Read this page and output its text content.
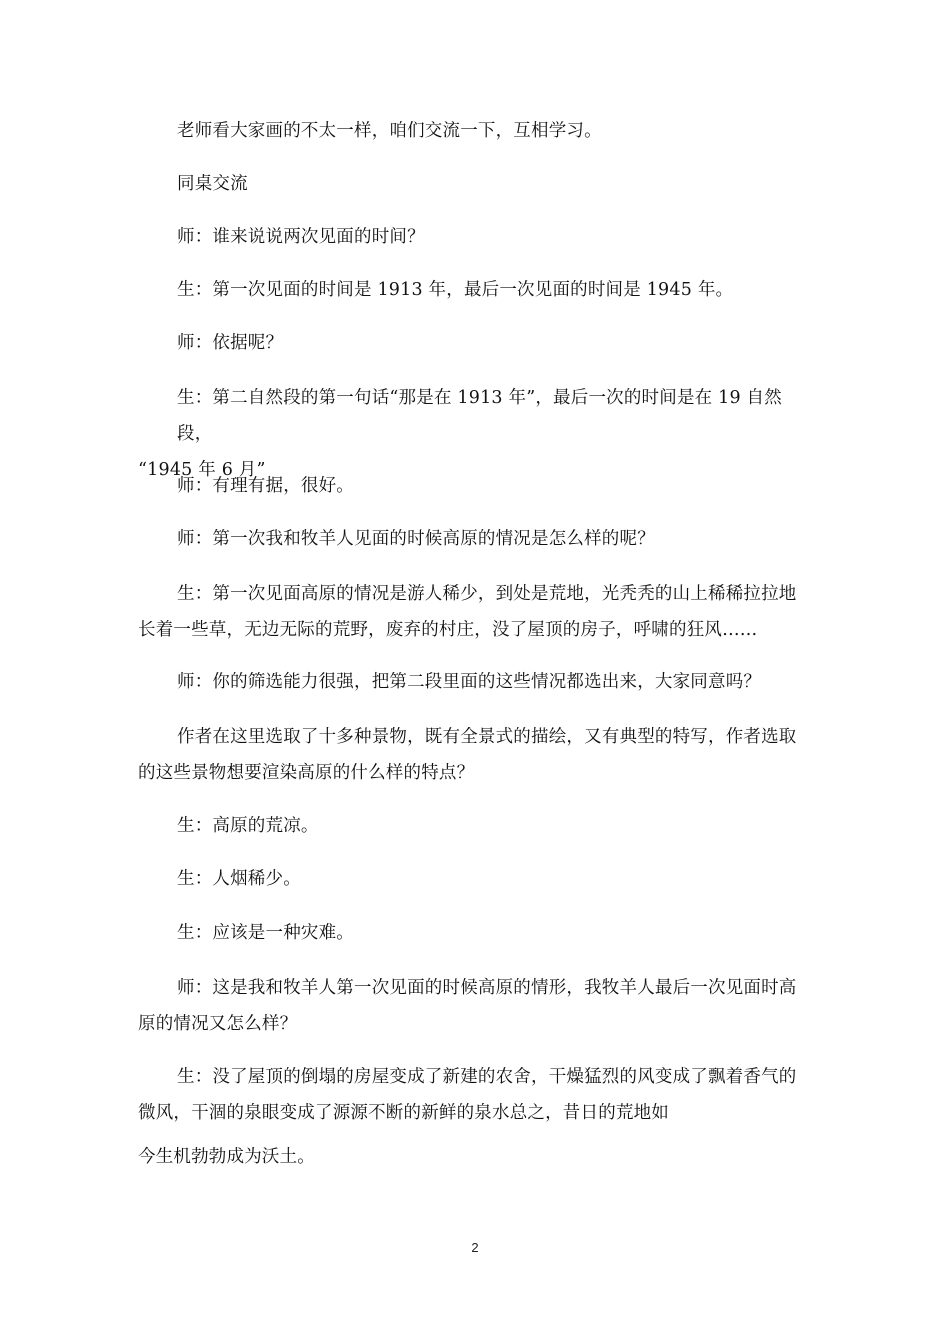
老师看大家画的不太一样，咱们交流一下，互相学习。

同桌交流

师：谁来说说两次见面的时间？

生：第一次见面的时间是 1913 年，最后一次见面的时间是 1945 年。

师：依据呢？

生：第二自然段的第一句话“那是在 1913 年”，最后一次的时间是在 19 自然段，
“1945 年 6 月”

师：有理有据，很好。

师：第一次我和牧羊人见面的时候高原的情况是怎么样的呢？

生：第一次见面高原的情况是游人稀少，到处是荒地，光秃秃的山上稀稀拉拉地
长着一些草，无边无际的荒野，废弃的村庄，没了屋顶的房子，呼啸的狂风……

师：你的筛选能力很强，把第二段里面的这些情况都选出来，大家同意吗？

作者在这里选取了十多种景物，既有全景式的描绘，又有典型的特写，作者选取
的这些景物想要渲染高原的什么样的特点？

生：高原的荒凉。

生：人烟稀少。

生：应该是一种灾难。

师：这是我和牧羊人第一次见面的时候高原的情形，我牧羊人最后一次见面时高
原的情况又怎么样？

生：没了屋顶的倒塌的房屋变成了新建的农舍，干燥猛烈的风变成了飘着香气的
微风，干涸的泉眼变成了源源不断的新鲜的泉水总之，昔日的荒地如
今生机勃勃成为沃土。

2
